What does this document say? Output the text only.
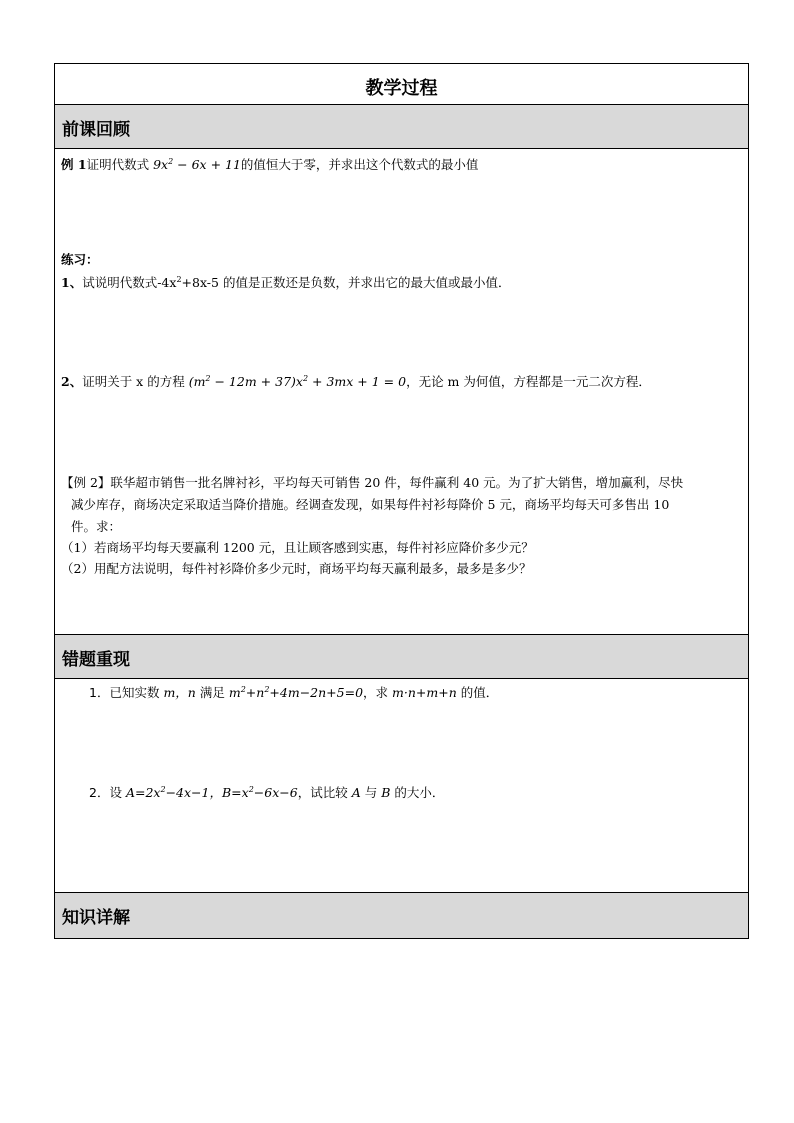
教学过程
前课回顾
例 1证明代数式 $9x^2 - 6x + 11$的值恒大于零，并求出这个代数式的最小值
练习：
1、试说明代数式$-4x^2+8x-5$ 的值是正数还是负数，并求出它的最大值或最小值．
2、证明关于 x 的方程 $(m^2 - 12m + 37)x^2 + 3mx + 1 = 0$，无论 m 为何值，方程都是一元二次方程．
【例 2】联华超市销售一批名牌衬衫，平均每天可销售 20 件，每件赢利 40 元。为了扩大销售，增加赢利，尽快
减少库存，商场决定采取适当降价措施。经调查发现，如果每件衬衫每降价 5 元，商场平均每天可多售出 10
件。求：
（1）若商场平均每天要赢利 1200 元，且让顾客感到实惠，每件衬衫应降价多少元？
（2）用配方法说明，每件衬衫降价多少元时，商场平均每天赢利最多，最多是多少？
错题重现
1．已知实数 m，n 满足 $m^2+n^2+4m-2n+5=0$，求 m·n+m+n 的值．
2．设 $A=2x^2-4x-1$，$B=x^2-6x-6$，试比较 A 与 B 的大小．
知识详解
